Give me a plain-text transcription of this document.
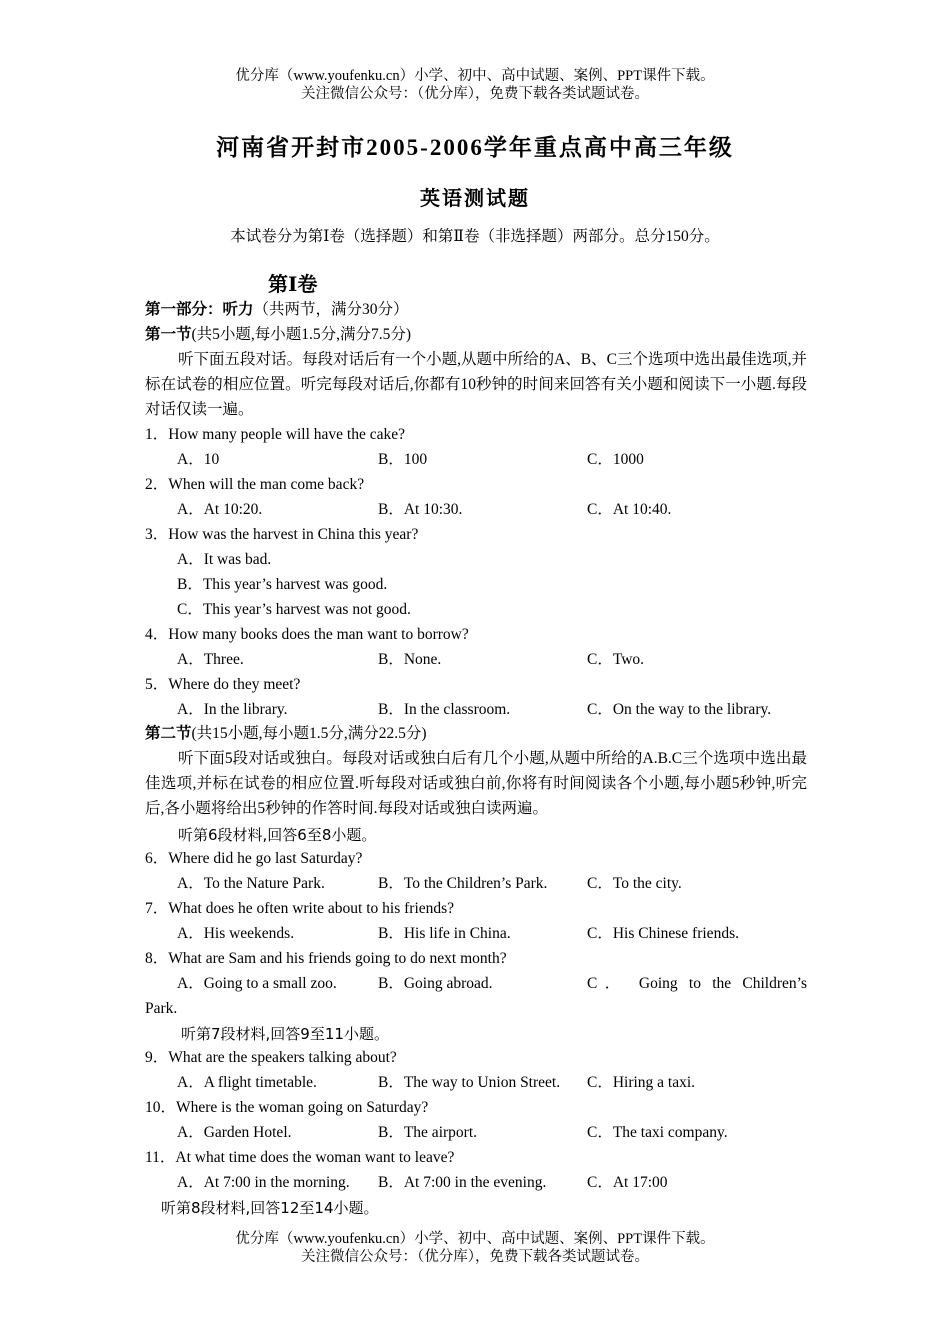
优分库（www.youfenku.cn）小学、初中、高中试题、案例、PPT课件下载。
关注微信公众号：（优分库），免费下载各类试题试卷。
河南省开封市2005-2006学年重点高中高三年级
英语测试题
本试卷分为第Ⅰ卷（选择题）和第Ⅱ卷（非选择题）两部分。总分150分。
第Ⅰ卷
第一部分：听力（共两节，满分30分）
第一节(共5小题,每小题1.5分,满分7.5分)
听下面五段对话。每段对话后有一个小题,从题中所给的A、B、C三个选项中选出最佳选项,并标在试卷的相应位置。听完每段对话后,你都有10秒钟的时间来回答有关小题和阅读下一小题.每段对话仅读一遍。
1．How many people will have the cake?
A．10	B．100	C．1000
2．When will the man come back?
A．At 10:20.	B．At 10:30.	C．At 10:40.
3．How was the harvest in China this year?
A．It was bad.
B．This year’s harvest was good.
C．This year’s harvest was not good.
4．How many books does the man want to borrow?
A．Three.	B．None.	C．Two.
5．Where do they meet?
A．In the library.	B．In the classroom.	C．On the way to the library.
第二节(共15小题,每小题1.5分,满分22.5分)
听下面5段对话或独白。每段对话或独白后有几个小题,从题中所给的A.B.C三个选项中选出最佳选项,并标在试卷的相应位置.听每段对话或独白前,你将有时间阅读各个小题,每小题5秒钟,听完后,各小题将给出5秒钟的作答时间.每段对话或独白读两遍。
听第6段材料,回答6至8小题。
6．Where did he go last Saturday?
A．To the Nature Park.	B．To the Children’s Park.	C．To the city.
7．What does he often write about to his friends?
A．His weekends.	B．His life in China.	C．His Chinese friends.
8．What are Sam and his friends going to do next month?
A．Going to a small zoo.	B．Going abroad.	C． Going to the Children’s
Park.
听第7段材料,回答9至11小题。
9．What are the speakers talking about?
A．A flight timetable.	B．The way to Union Street. C．Hiring a taxi.
10．Where is the woman going on Saturday?
A．Garden Hotel.	B．The airport.	C．The taxi company.
11．At what time does the woman want to leave?
A．At 7:00 in the morning. B．At 7:00 in the evening.	C．At 17:00
听第8段材料,回答12至14小题。
优分库（www.youfenku.cn）小学、初中、高中试题、案例、PPT课件下载。
关注微信公众号：（优分库），免费下载各类试题试卷。
